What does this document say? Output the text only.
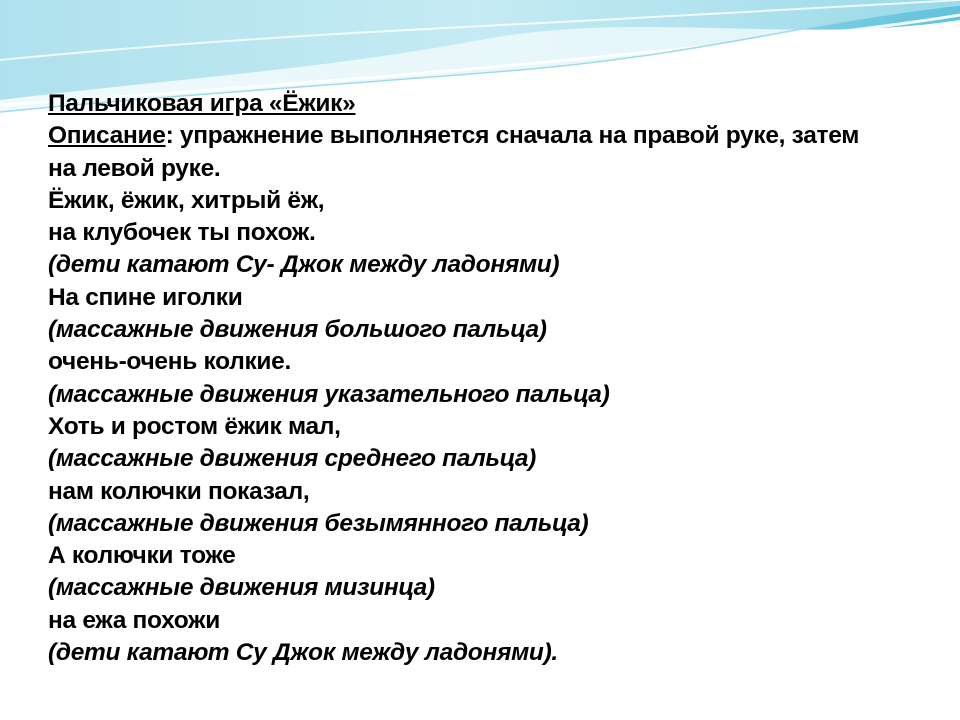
Пальчиковая игра «Ёжик»
Описание: упражнение выполняется сначала на правой руке, затем
на левой руке.
Ёжик, ёжик, хитрый ёж,
на клубочек ты похож.
(дети катают Су- Джок между ладонями)
На спине иголки
(массажные движения большого пальца)
очень-очень колкие.
(массажные движения указательного пальца)
Хоть и ростом ёжик мал,
(массажные движения среднего пальца)
нам колючки показал,
(массажные движения безымянного пальца)
А колючки тоже
(массажные движения мизинца)
на ежа похожи
(дети катают Су Джок между ладонями).
